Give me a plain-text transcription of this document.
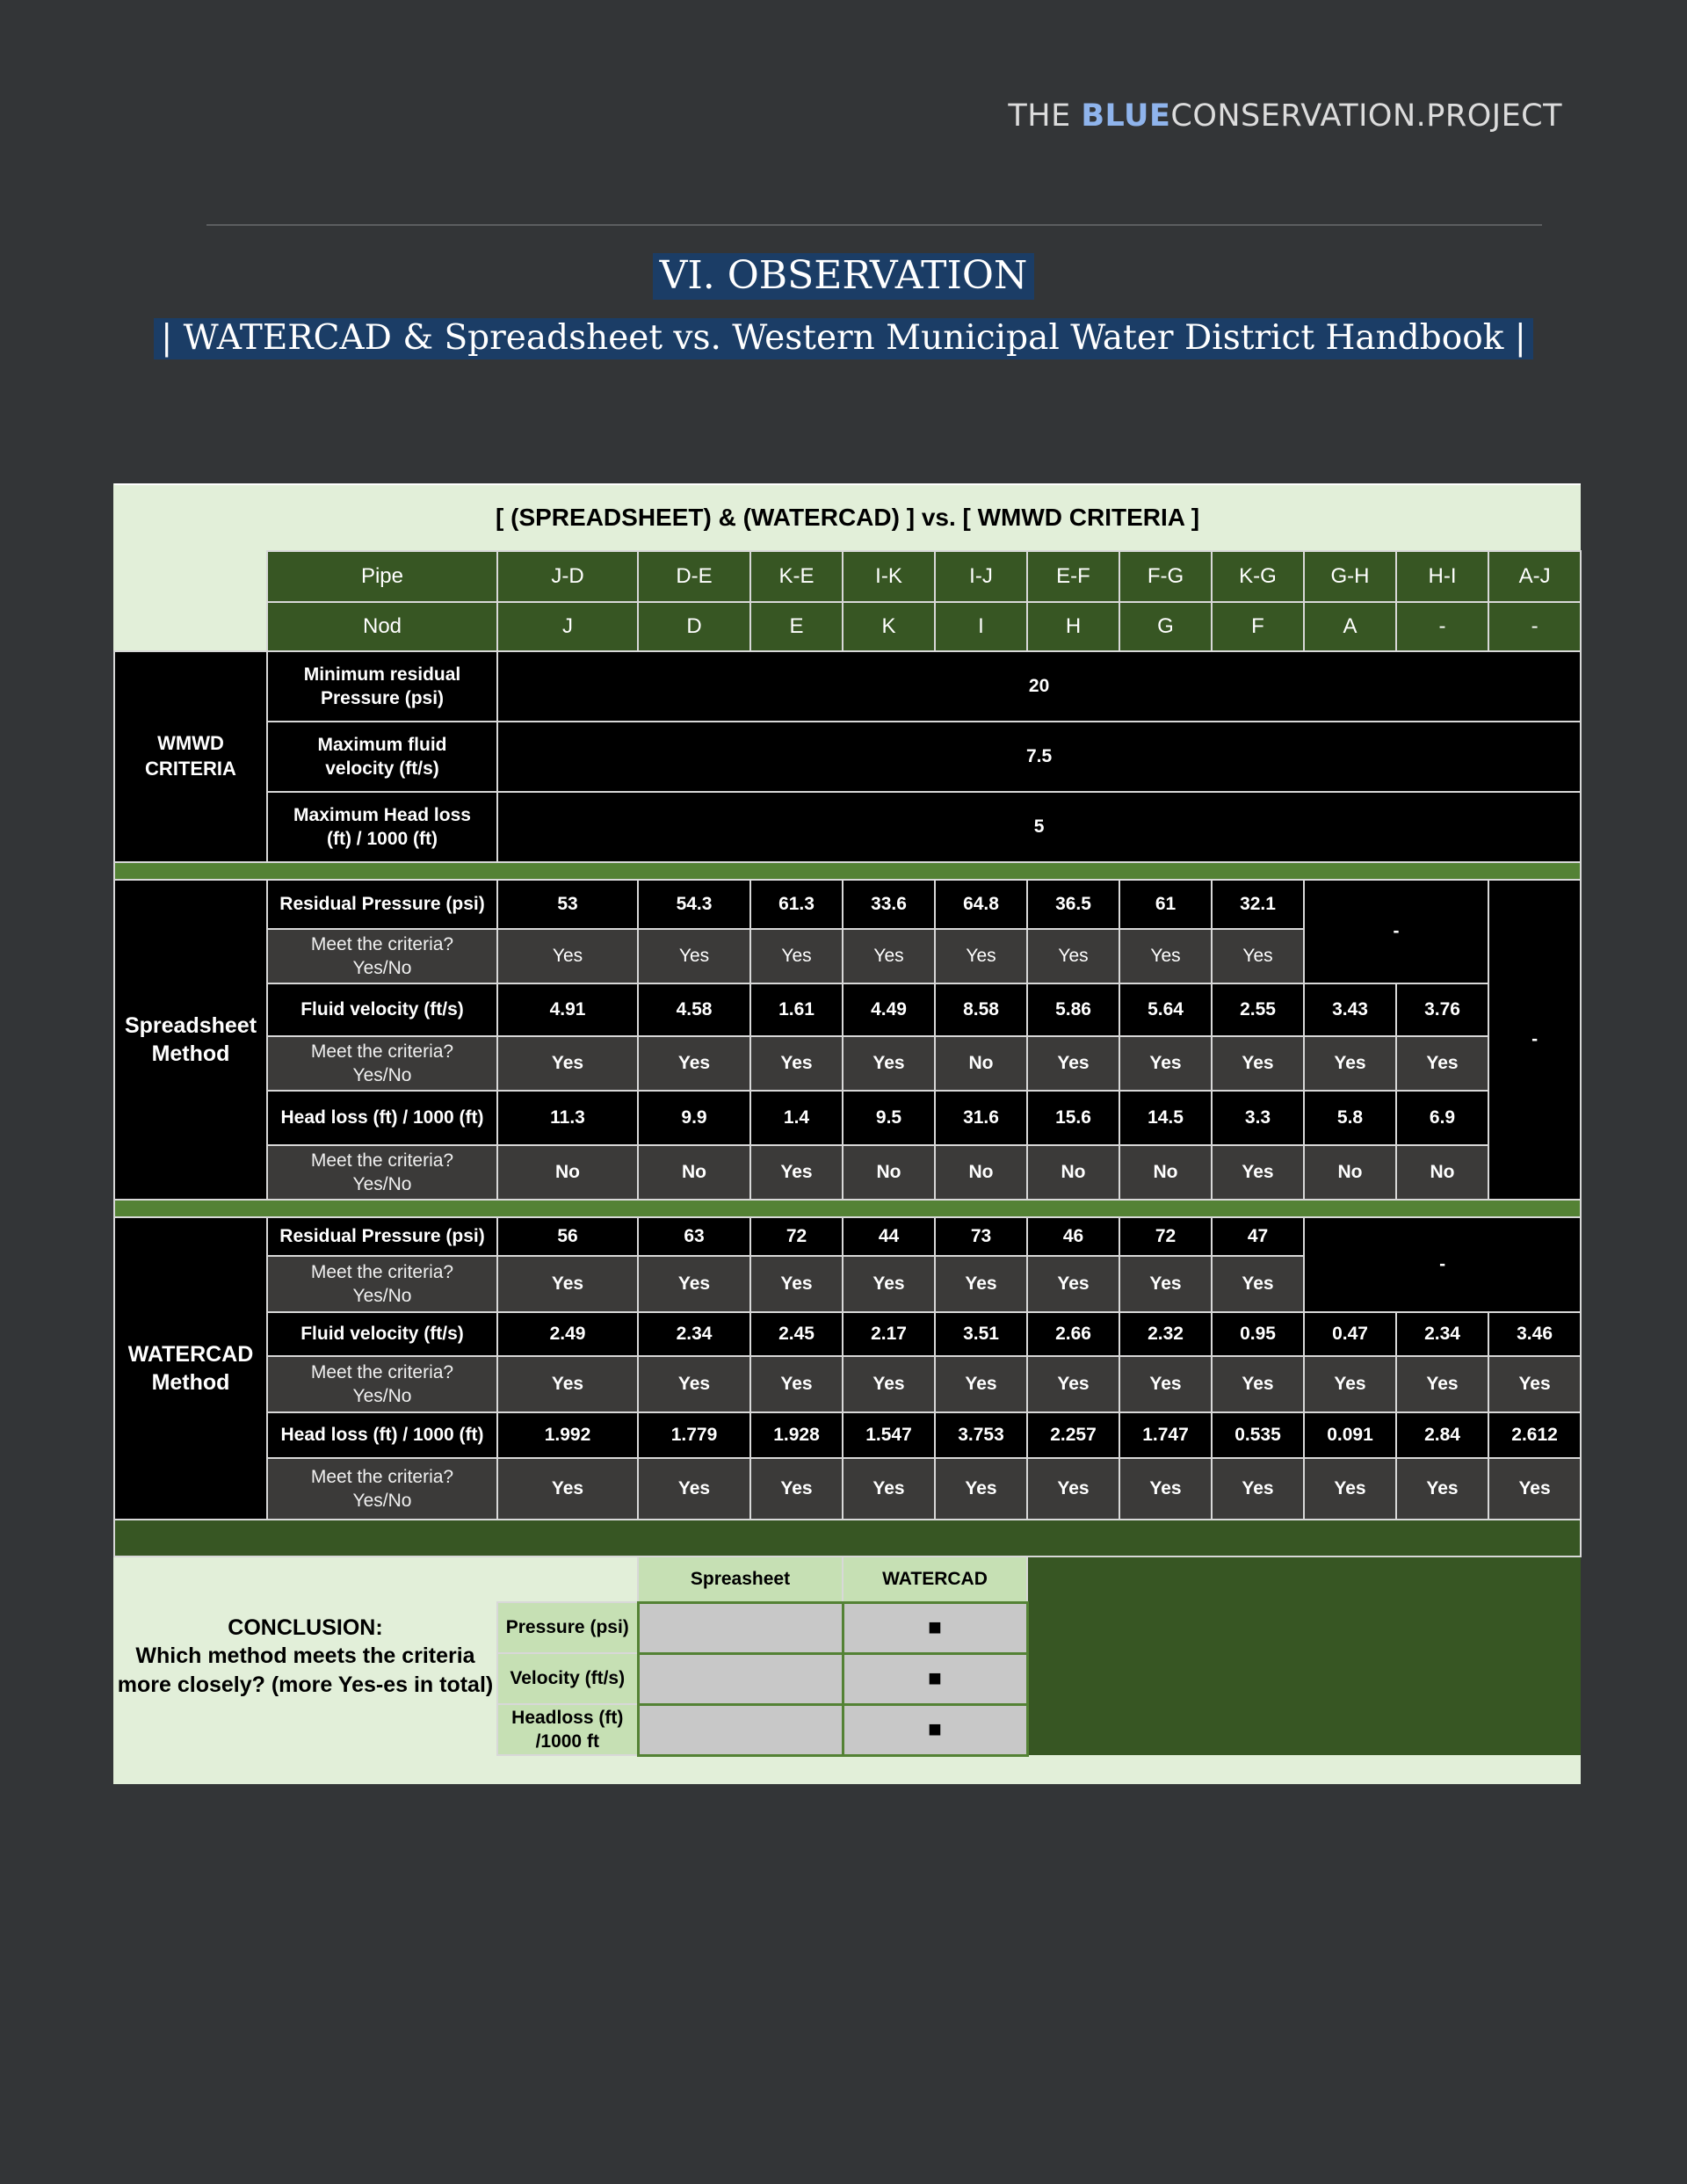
THE BLUECONSERVATION.PROJECT
VI. OBSERVATION
| WATERCAD & Spreadsheet vs. Western Municipal Water District Handbook |
[ (SPREADSHEET) & (WATERCAD) ] vs. [ WMWD CRITERIA ]												
	Pipe	J-D	D-E	K-E	I-K	I-J	E-F	F-G	K-G	G-H	H-I	A-J
	Nod	J	D	E	K	I	H	G	F	A	-	-
WMWD
CRITERIA	Minimum residual
Pressure (psi)	20										
	Maximum fluid
velocity (ft/s)	7.5										
	Maximum Head loss
(ft) / 1000 (ft)	5										

Spreadsheet
Method	Residual Pressure (psi)	53	54.3	61.3	33.6	64.8	36.5	61	32.1	-		-
	Meet the criteria?
Yes/No	Yes	Yes	Yes	Yes	Yes	Yes	Yes	Yes			
	Fluid velocity (ft/s)	4.91	4.58	1.61	4.49	8.58	5.86	5.64	2.55	3.43	3.76	
	Meet the criteria?
Yes/No	Yes	Yes	Yes	Yes	No	Yes	Yes	Yes	Yes	Yes	
	Head loss (ft) / 1000 (ft)	11.3	9.9	1.4	9.5	31.6	15.6	14.5	3.3	5.8	6.9	
	Meet the criteria?
Yes/No	No	No	Yes	No	No	No	No	Yes	No	No	

WATERCAD
Method	Residual Pressure (psi)	56	63	72	44	73	46	72	47	-		
	Meet the criteria?
Yes/No	Yes	Yes	Yes	Yes	Yes	Yes	Yes	Yes			
	Fluid velocity (ft/s)	2.49	2.34	2.45	2.17	3.51	2.66	2.32	0.95	0.47	2.34	3.46
	Meet the criteria?
Yes/No	Yes	Yes	Yes	Yes	Yes	Yes	Yes	Yes	Yes	Yes	Yes
	Head loss (ft) / 1000 (ft)	1.992	1.779	1.928	1.547	3.753	2.257	1.747	0.535	0.091	2.84	2.612
	Meet the criteria?
Yes/No	Yes	Yes	Yes	Yes	Yes	Yes	Yes	Yes	Yes	Yes	Yes

CONCLUSION:
Which method meets the criteria
more closely? (more Yes-es in total)			Spreasheet		WATERCAD							
		Pressure (psi)			■							
		Velocity (ft/s)			■							
		Headloss (ft)
/1000 ft			■							
